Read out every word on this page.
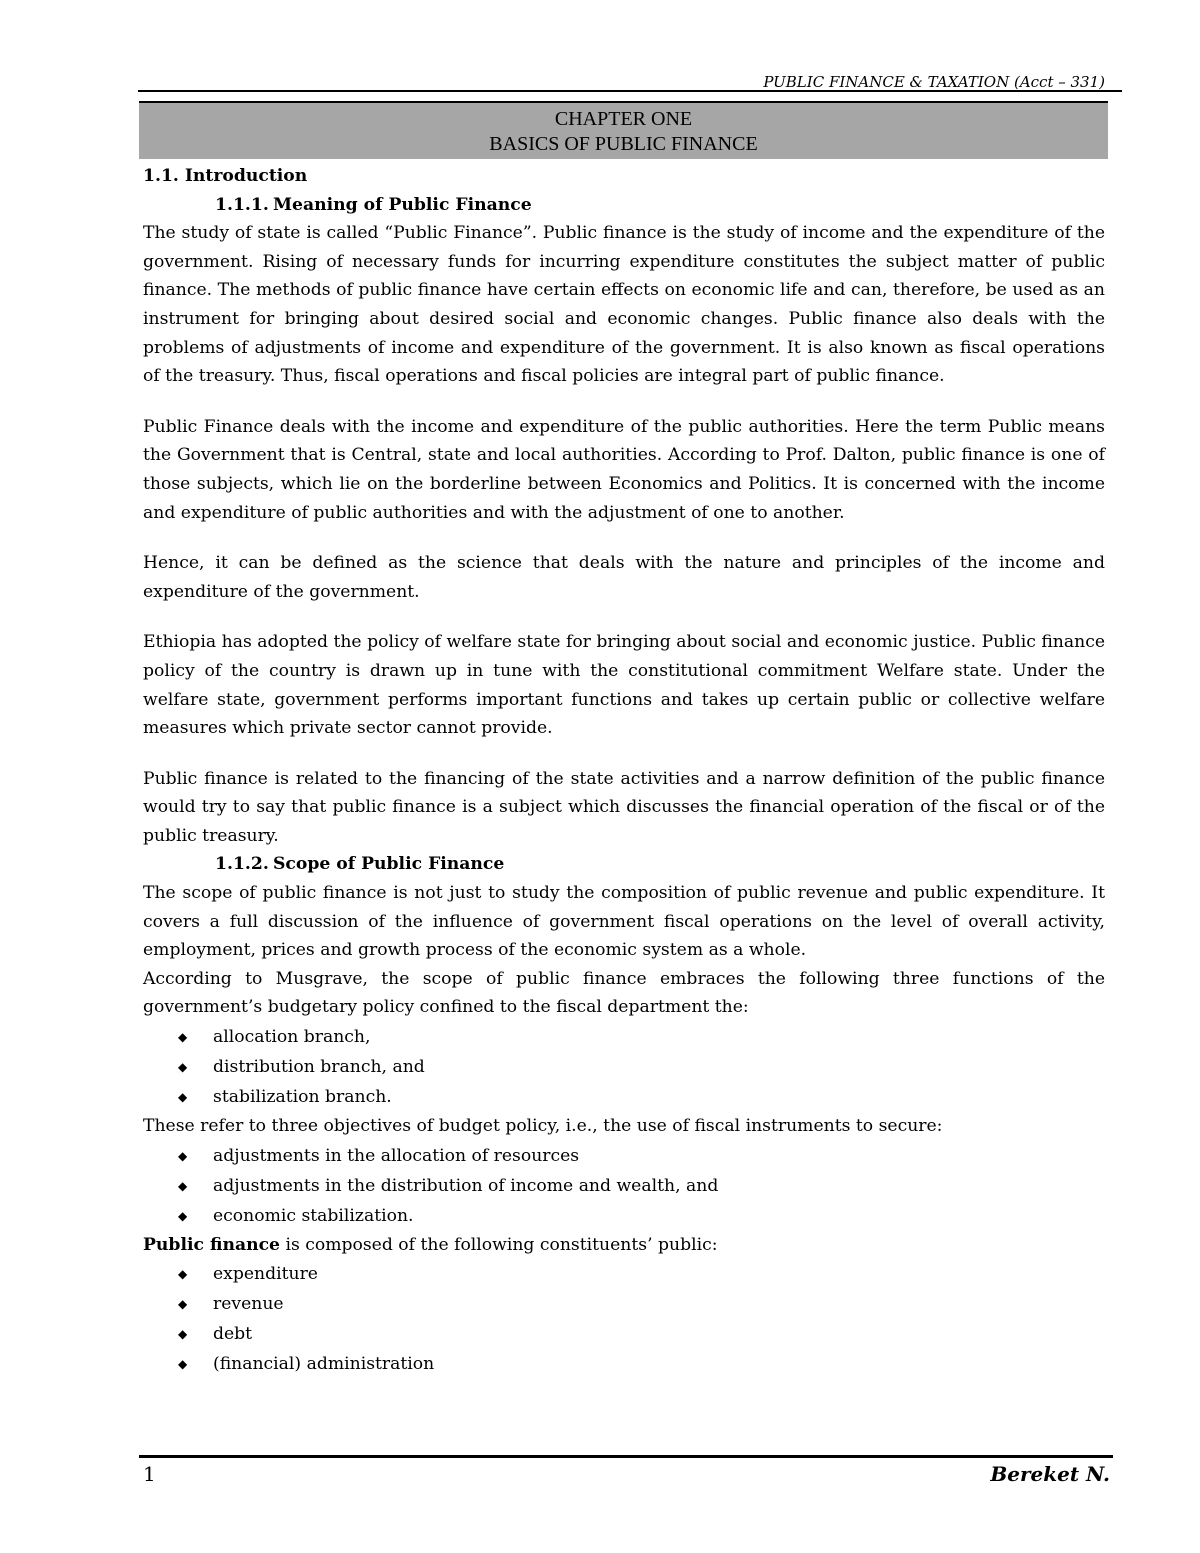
PUBLIC FINANCE & TAXATION (Acct – 331)
CHAPTER ONE
BASICS OF PUBLIC FINANCE
1.1. Introduction
1.1.1. Meaning of Public Finance

The study of state is called “Public Finance”. Public finance is the study of income and the expenditure of the government. Rising of necessary funds for incurring expenditure constitutes the subject matter of public finance. The methods of public finance have certain effects on economic life and can, therefore, be used as an instrument for bringing about desired social and economic changes. Public finance also deals with the problems of adjustments of income and expenditure of the government. It is also known as fiscal operations of the treasury. Thus, fiscal operations and fiscal policies are integral part of public finance.

Public Finance deals with the income and expenditure of the public authorities. Here the term Public means the Government that is Central, state and local authorities. According to Prof. Dalton, public finance is one of those subjects, which lie on the borderline between Economics and Politics. It is concerned with the income and expenditure of public authorities and with the adjustment of one to another.

Hence, it can be defined as the science that deals with the nature and principles of the income and expenditure of the government.

Ethiopia has adopted the policy of welfare state for bringing about social and economic justice. Public finance policy of the country is drawn up in tune with the constitutional commitment Welfare state. Under the welfare state, government performs important functions and takes up certain public or collective welfare measures which private sector cannot provide.

Public finance is related to the financing of the state activities and a narrow definition of the public finance would try to say that public finance is a subject which discusses the financial operation of the fiscal or of the public treasury.

1.1.2. Scope of Public Finance

The scope of public finance is not just to study the composition of public revenue and public expenditure. It covers a full discussion of the influence of government fiscal operations on the level of overall activity, employment, prices and growth process of the economic system as a whole.

According to Musgrave, the scope of public finance embraces the following three functions of the government’s budgetary policy confined to the fiscal department the:

◆ allocation branch,
◆ distribution branch, and
◆ stabilization branch.

These refer to three objectives of budget policy, i.e., the use of fiscal instruments to secure:

◆ adjustments in the allocation of resources
◆ adjustments in the distribution of income and wealth, and
◆ economic stabilization.

Public finance is composed of the following constituents’ public:

◆ expenditure
◆ revenue
◆ debt
◆ (financial) administration
1	Bereket N.
